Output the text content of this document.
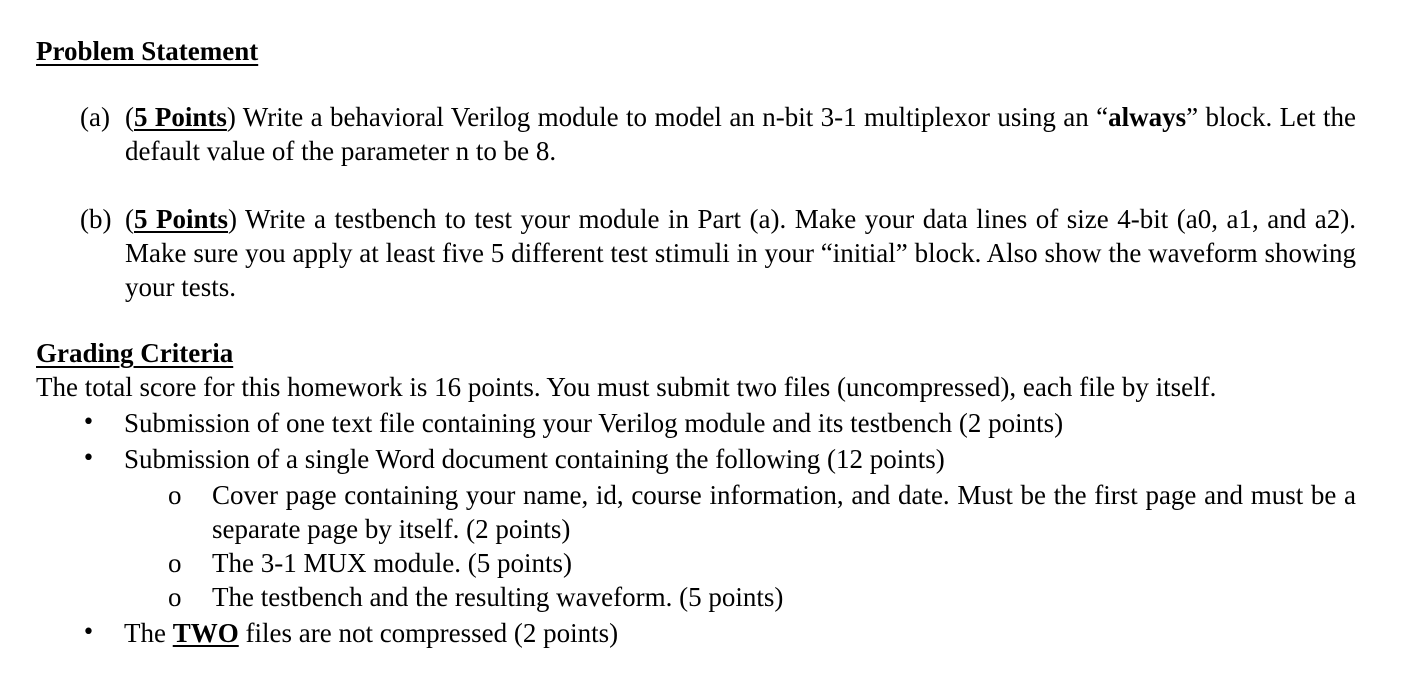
Problem Statement
(a) (5 Points) Write a behavioral Verilog module to model an n-bit 3-1 multiplexor using an “always” block. Let the default value of the parameter n to be 8.
(b) (5 Points) Write a testbench to test your module in Part (a). Make your data lines of size 4-bit (a0, a1, and a2). Make sure you apply at least five 5 different test stimuli in your “initial” block. Also show the waveform showing your tests.
Grading Criteria
The total score for this homework is 16 points. You must submit two files (uncompressed), each file by itself.
• Submission of one text file containing your Verilog module and its testbench (2 points)
• Submission of a single Word document containing the following (12 points)
o Cover page containing your name, id, course information, and date. Must be the first page and must be a separate page by itself. (2 points)
o The 3-1 MUX module. (5 points)
o The testbench and the resulting waveform. (5 points)
• The TWO files are not compressed (2 points)
